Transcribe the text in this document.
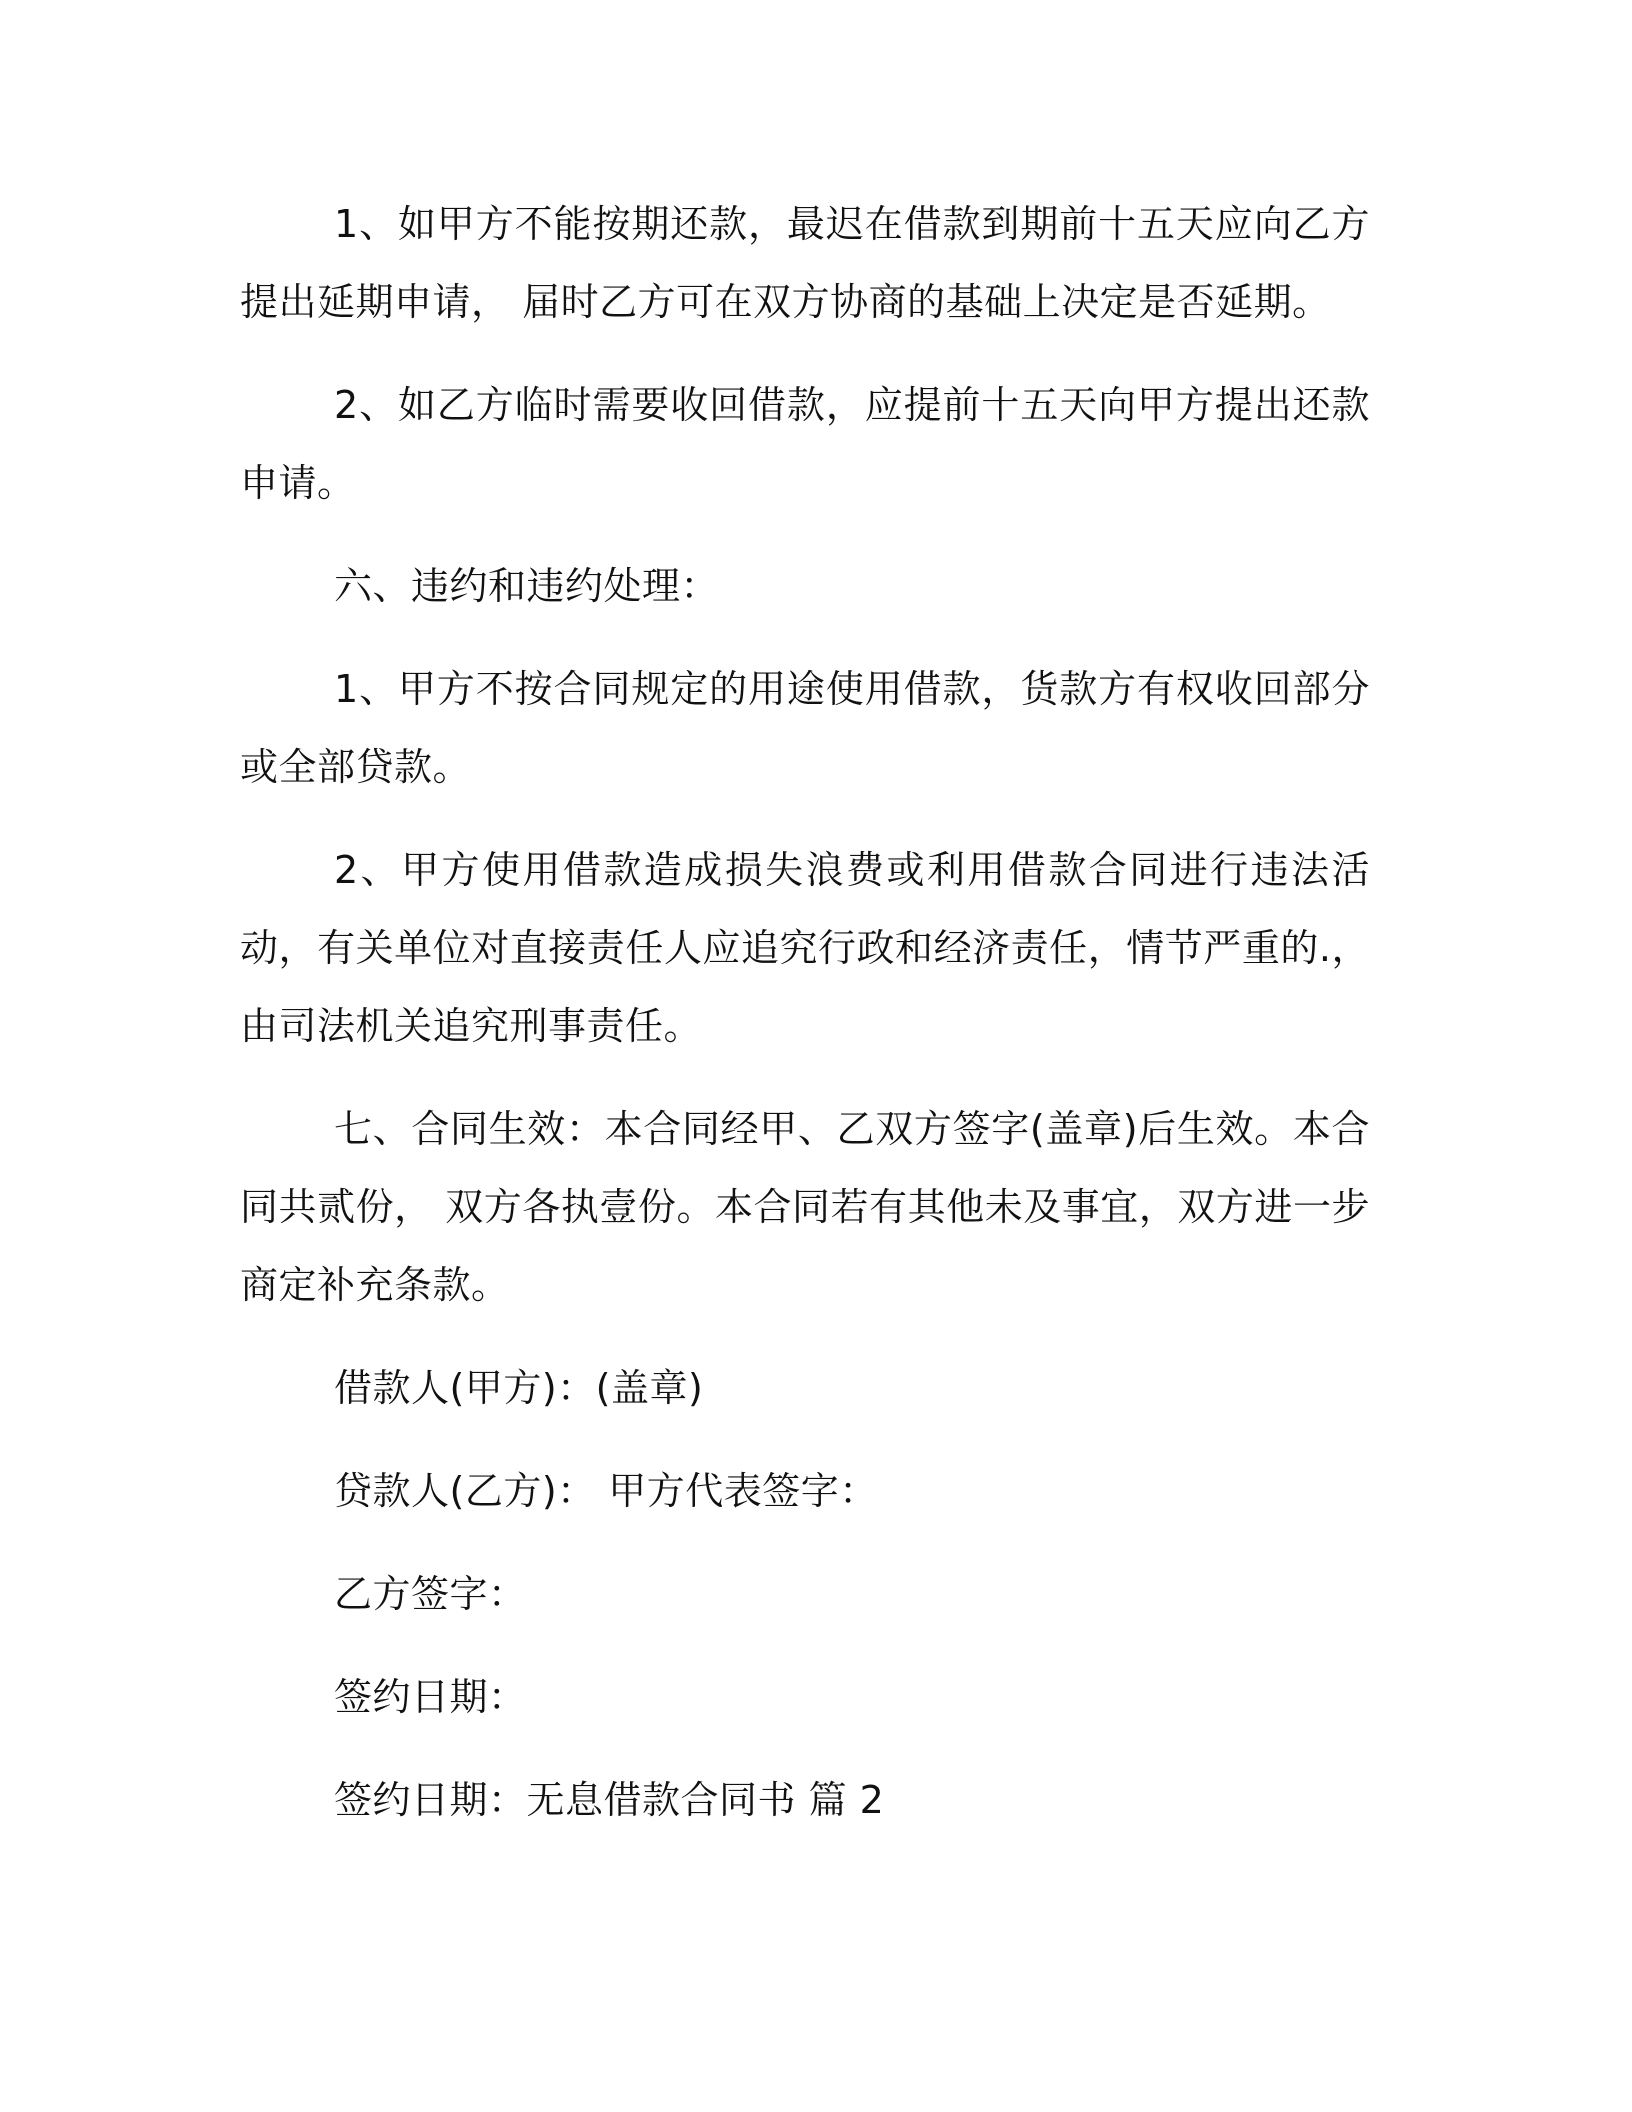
1、如甲方不能按期还款，最迟在借款到期前十五天应向乙方提出延期申请， 届时乙方可在双方协商的基础上决定是否延期。

2、如乙方临时需要收回借款，应提前十五天向甲方提出还款申请。

六、违约和违约处理：

1、甲方不按合同规定的用途使用借款，货款方有权收回部分或全部贷款。

2、甲方使用借款造成损失浪费或利用借款合同进行违法活动，有关单位对直接责任人应追究行政和经济责任，情节严重的.，由司法机关追究刑事责任。

七、合同生效：本合同经甲、乙双方签字(盖章)后生效。本合同共贰份， 双方各执壹份。本合同若有其他未及事宜，双方进一步商定补充条款。

借款人(甲方)：(盖章)

贷款人(乙方)： 甲方代表签字：

乙方签字：

签约日期：

签约日期：无息借款合同书 篇 2
